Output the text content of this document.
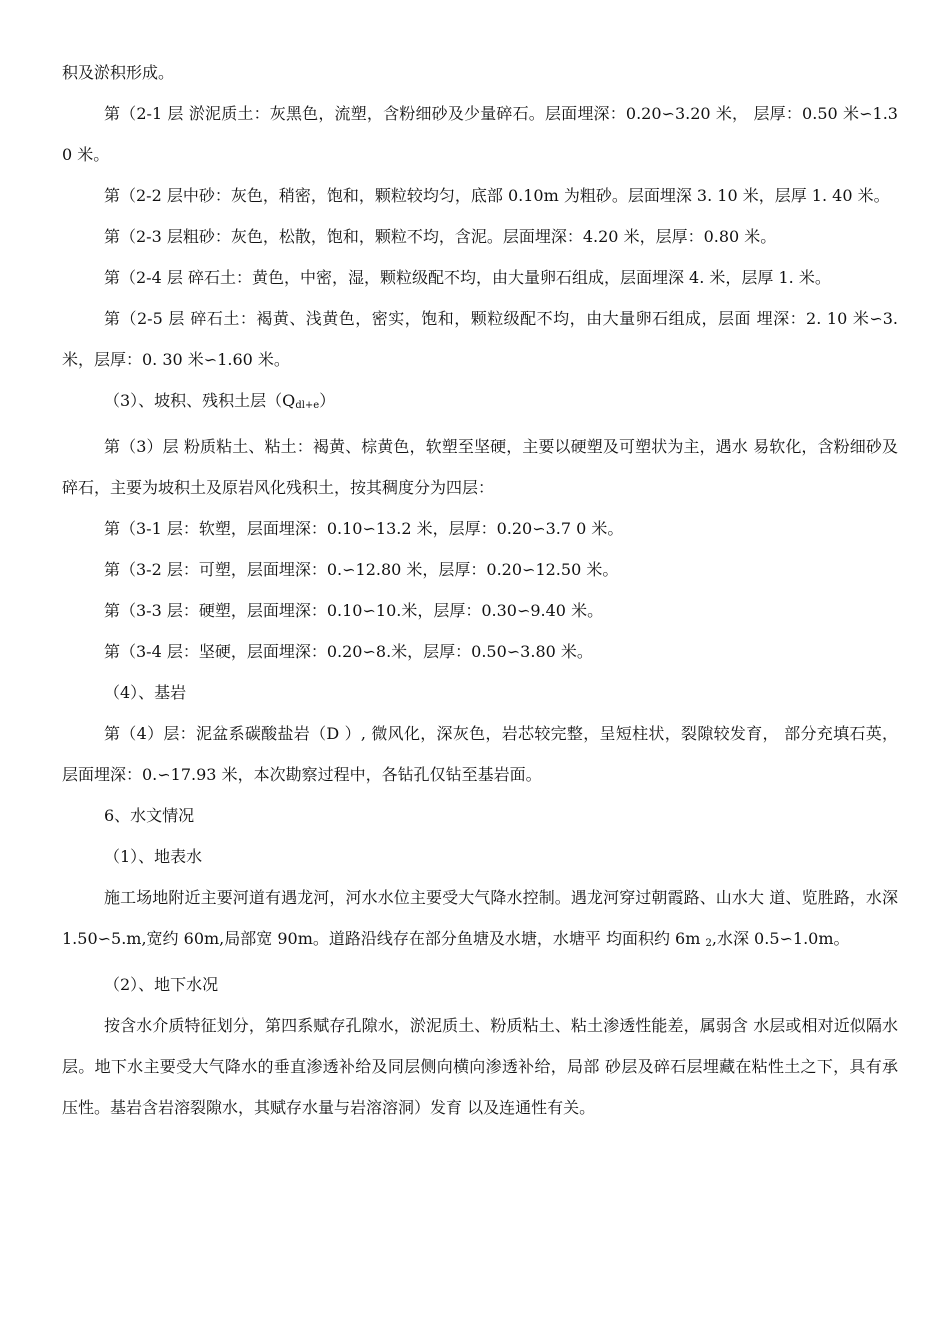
积及淤积形成。

第（2-1 层 淤泥质土：灰黑色，流塑，含粉细砂及少量碎石。层面埋深：0.20∽3.20 米， 层厚：0.50 米∽1.3 0 米。

第（2-2 层中砂：灰色，稍密，饱和，颗粒较均匀，底部 0.10m 为粗砂。层面埋深 3. 10 米，层厚 1. 40 米。

第（2-3 层粗砂：灰色，松散，饱和，颗粒不均，含泥。层面埋深：4.20 米，层厚：0.80 米。

第（2-4 层 碎石土：黄色，中密，湿，颗粒级配不均，由大量卵石组成，层面埋深 4. 米，层厚 1. 米。

第（2-5 层 碎石土：褐黄、浅黄色，密实，饱和，颗粒级配不均，由大量卵石组成，层面 埋深：2. 10 米∽3.米，层厚：0. 30 米∽1.60 米。

（3）、坡积、残积土层$(Q_{dl+e})$

第（3）层 粉质粘土、粘土：褐黄、棕黄色，软塑至坚硬，主要以硬塑及可塑状为主，遇水 易软化，含粉细砂及碎石，主要为坡积土及原岩风化残积土，按其稠度分为四层：

第（3-1 层：软塑，层面埋深：0.10∽13.2 米，层厚：0.20∽3.7 0 米。

第（3-2 层：可塑，层面埋深：0.∽12.80 米，层厚：0.20∽12.50 米。

第（3-3 层：硬塑，层面埋深：0.10∽10.米，层厚：0.30∽9.40 米。

第（3-4 层：坚硬，层面埋深：0.20∽8.米，层厚：0.50∽3.80 米。

（4）、基岩

第（4）层：泥盆系碳酸盐岩（D ）, 微风化，深灰色，岩芯较完整，呈短柱状，裂隙较发育， 部分充填石英，层面埋深：0.∽17.93 米，本次勘察过程中，各钻孔仅钻至基岩面。

6、水文情况

（1）、地表水

施工场地附近主要河道有遇龙河，河水水位主要受大气降水控制。遇龙河穿过朝霞路、山水大 道、览胜路，水深 1.50∽5.m,宽约 60m,局部宽 90m。道路沿线存在部分鱼塘及水塘，水塘平 均面积约 6m $_2$,水深 0.5∽1.0m。

（2）、地下水况

按含水介质特征划分，第四系赋存孔隙水，淤泥质土、粉质粘土、粘土渗透性能差，属弱含 水层或相对近似隔水层。地下水主要受大气降水的垂直渗透补给及同层侧向横向渗透补给，局部 砂层及碎石层埋藏在粘性土之下，具有承压性。基岩含岩溶裂隙水，其赋存水量与岩溶溶洞）发育 以及连通性有关。
